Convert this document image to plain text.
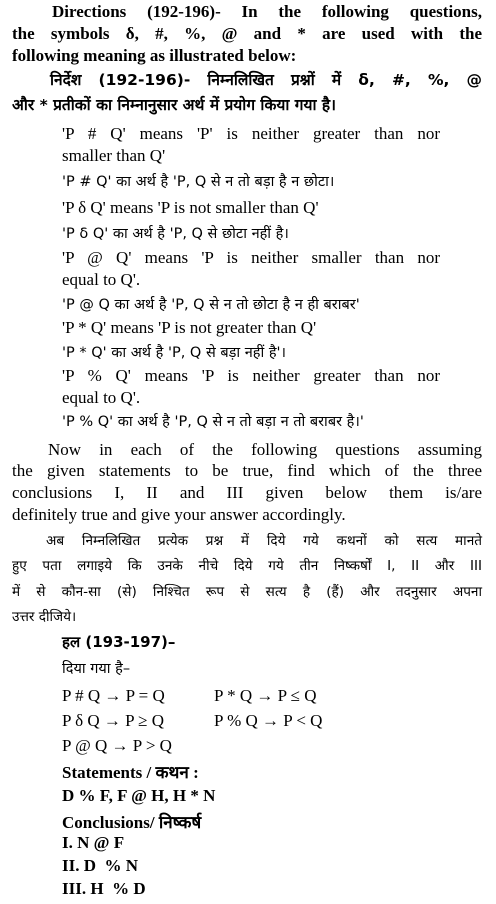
Directions (192-196)- In the following questions,
the symbols δ, #, %, @ and * are used with the
following meaning as illustrated below:
निर्देश (192-196)- निम्नलिखित प्रश्नों में δ, #, %, @
और * प्रतीकों का निम्नानुसार अर्थ में प्रयोग किया गया है।
'P # Q' means 'P' is neither greater than nor
smaller than Q'
'P # Q' का अर्थ है 'P, Q से न तो बड़ा है न छोटा।
'P δ Q' means 'P is not smaller than Q'
'P δ Q' का अर्थ है 'P, Q से छोटा नहीं है।
'P @ Q' means 'P is neither smaller than nor
equal to Q'.
'P @ Q का अर्थ है 'P, Q से न तो छोटा है न ही बराबर'
'P * Q' means 'P is not greater than Q'
'P * Q' का अर्थ है 'P, Q से बड़ा नहीं है'।
'P % Q' means 'P is neither greater than nor
equal to Q'.
'P % Q' का अर्थ है 'P, Q से न तो बड़ा न तो बराबर है।'
Now in each of the following questions assuming
the given statements to be true, find which of the three
conclusions I, II and III given below them is/are
definitely true and give your answer accordingly.
अब निम्नलिखित प्रत्येक प्रश्न में दिये गये कथनों को सत्य मानते
हुए पता लगाइये कि उनके नीचे दिये गये तीन निष्कर्षों I, II और III
में से कौन-सा (से) निश्चित रूप से सत्य है (हैं) और तदनुसार अपना
उत्तर दीजिये।
हल (193-197)–
दिया गया है–
P # Q → P = Q	P * Q → P ≤ Q
P δ Q → P ≥ Q	P % Q → P < Q
P @ Q → P > Q
Statements / कथन :
D % F, F @ H, H * N
Conclusions/ निष्कर्ष
I. N @ F
II. D  % N
III. H  % D
